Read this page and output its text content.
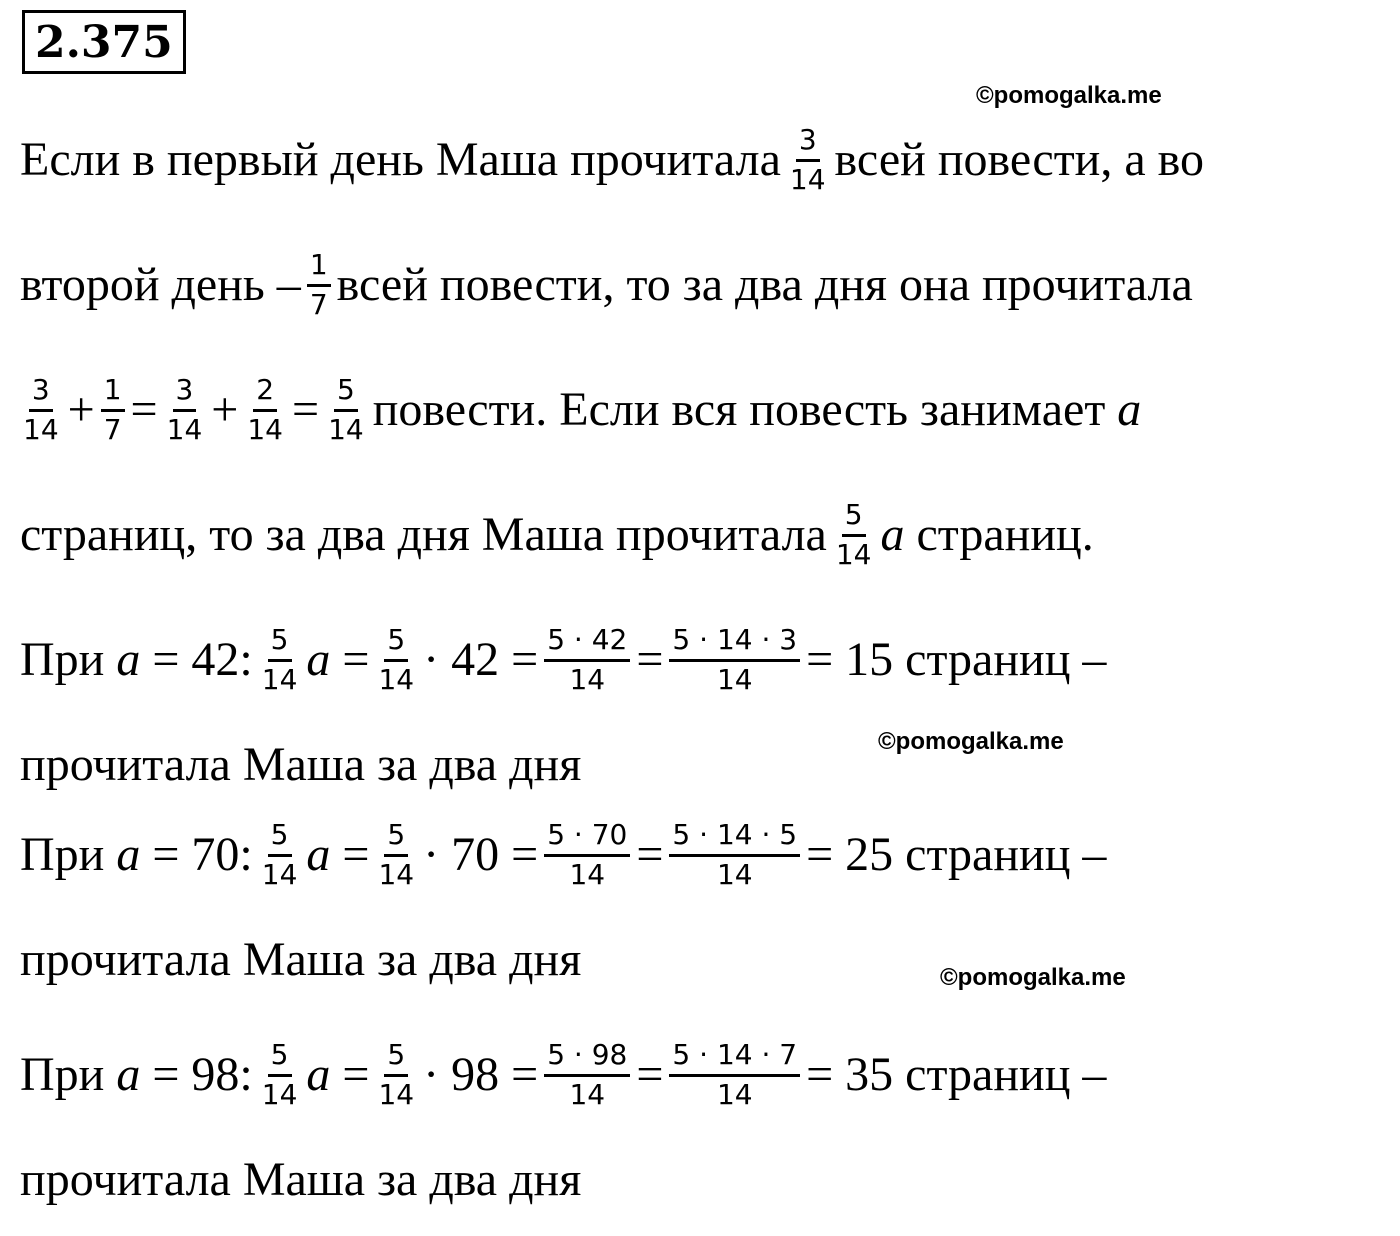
2.375
©pomogalka.me
©pomogalka.me
©pomogalka.me
Если в первый день Маша прочитала $\frac{3}{14}$ всей повести, а во
второй день – $\frac{1}{7}$ всей повести, то за два дня она прочитала
$\frac{3}{14} + \frac{1}{7} = \frac{3}{14} + \frac{2}{14} = \frac{5}{14}$ повести. Если вся повесть занимает a
страниц, то за два дня Маша прочитала $\frac{5}{14}$ a страниц.
При a = 42: $\frac{5}{14}$ $a = \frac{5}{14} \cdot 42 = \frac{5 \cdot 42}{14} = \frac{5 \cdot 14 \cdot 3}{14} = 15$ страниц –
прочитала Маша за два дня
При a = 70: $\frac{5}{14}$ $a = \frac{5}{14} \cdot 70 = \frac{5 \cdot 70}{14} = \frac{5 \cdot 14 \cdot 5}{14} = 25$ страниц –
прочитала Маша за два дня
При a = 98: $\frac{5}{14}$ $a = \frac{5}{14} \cdot 98 = \frac{5 \cdot 98}{14} = \frac{5 \cdot 14 \cdot 7}{14} = 35$ страниц –
прочитала Маша за два дня
